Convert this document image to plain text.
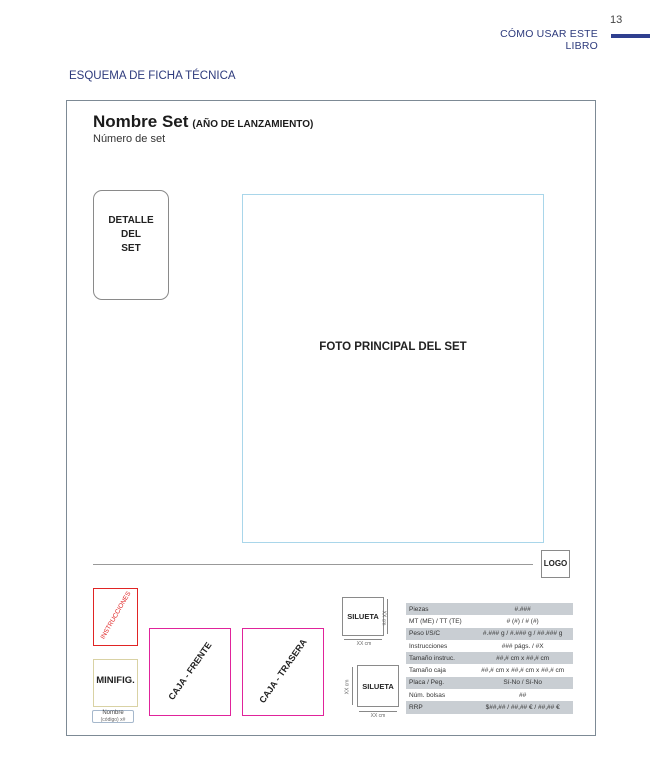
13
CÓMO USAR ESTE LIBRO
ESQUEMA DE FICHA TÉCNICA
Nombre Set (AÑO DE LANZAMIENTO)
Número de set
DETALLE
DEL
SET
FOTO PRINCIPAL DEL SET
LOGO
INSTRUCCIONES
MINIFIG.
Nombre
(código) x#
CAJA - FRENTE	CAJA - TRASERA
SILUETA XX cm
XX cm
SILUETA
XX cm
XX cm
Piezas	#.###
MT (ME) / TT (TE)	# (#) / # (#)
Peso I/S/C	#.### g / #.### g / ##.### g
Instrucciones	### págs. / #X
Tamaño instruc.	##,# cm x ##,# cm
Tamaño caja	##,# cm x ##,# cm x ##,# cm
Placa / Peg.	Sí-No / Sí-No
Núm. bolsas	##
RRP	$##,## / ##,## € / ##,## €
